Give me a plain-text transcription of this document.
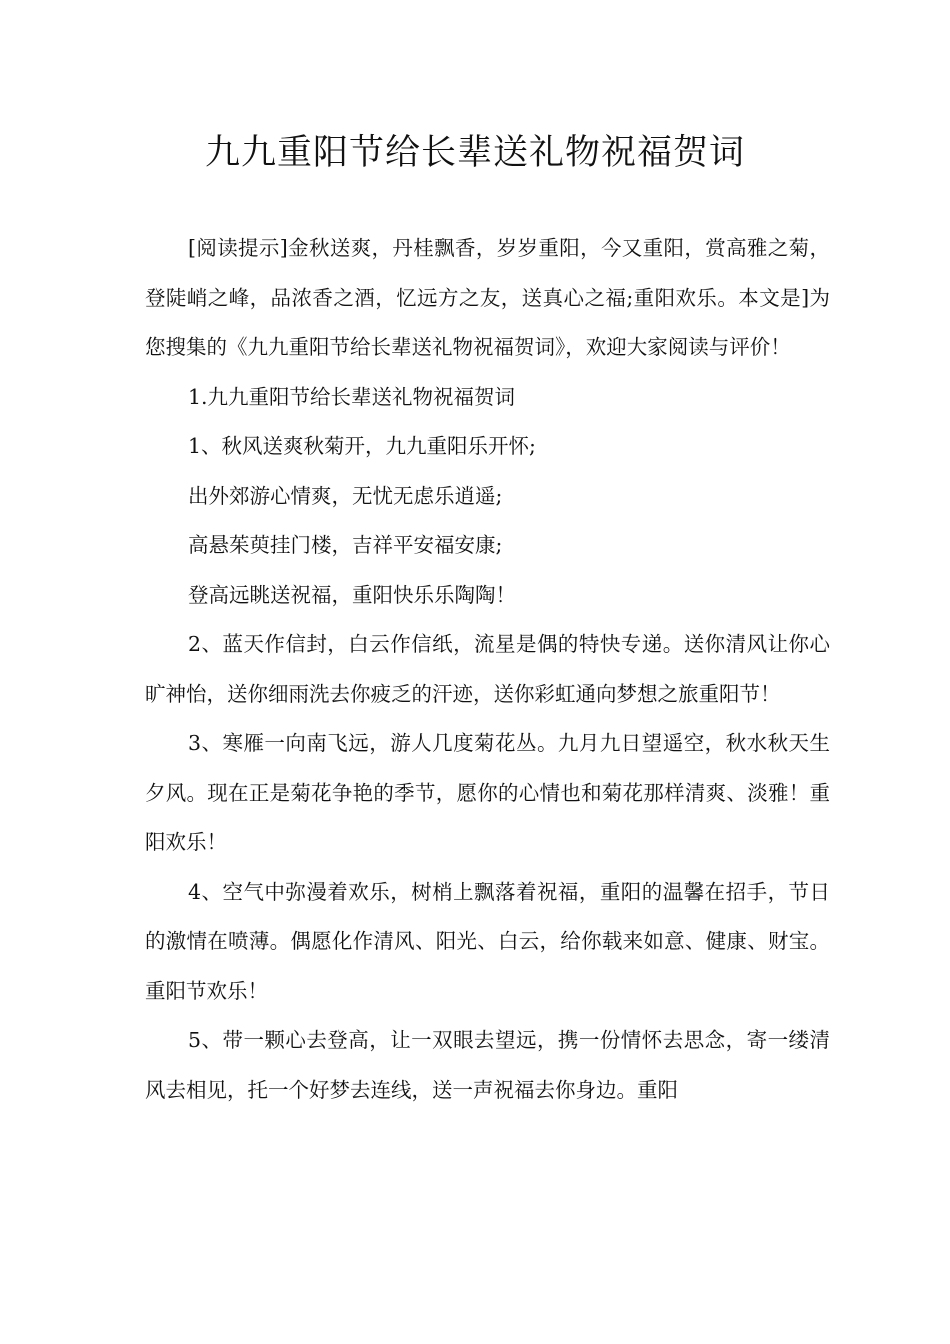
九九重阳节给长辈送礼物祝福贺词

[阅读提示]金秋送爽，丹桂飘香，岁岁重阳，今又重阳，赏高雅之菊，登陡峭之峰，品浓香之酒，忆远方之友，送真心之福;重阳欢乐。本文是]为您搜集的《九九重阳节给长辈送礼物祝福贺词》，欢迎大家阅读与评价！

1.九九重阳节给长辈送礼物祝福贺词

1、秋风送爽秋菊开，九九重阳乐开怀;

出外郊游心情爽，无忧无虑乐逍遥;

高悬茱萸挂门楼，吉祥平安福安康;

登高远眺送祝福，重阳快乐乐陶陶！

2、蓝天作信封，白云作信纸，流星是偶的特快专递。送你清风让你心旷神怡，送你细雨洗去你疲乏的汗迹，送你彩虹通向梦想之旅重阳节！

3、寒雁一向南飞远，游人几度菊花丛。九月九日望遥空，秋水秋天生夕风。现在正是菊花争艳的季节，愿你的心情也和菊花那样清爽、淡雅！重阳欢乐！

4、空气中弥漫着欢乐，树梢上飘落着祝福，重阳的温馨在招手，节日的激情在喷薄。偶愿化作清风、阳光、白云，给你载来如意、健康、财宝。重阳节欢乐！

5、带一颗心去登高，让一双眼去望远，携一份情怀去思念，寄一缕清风去相见，托一个好梦去连线，送一声祝福去你身边。重阳
